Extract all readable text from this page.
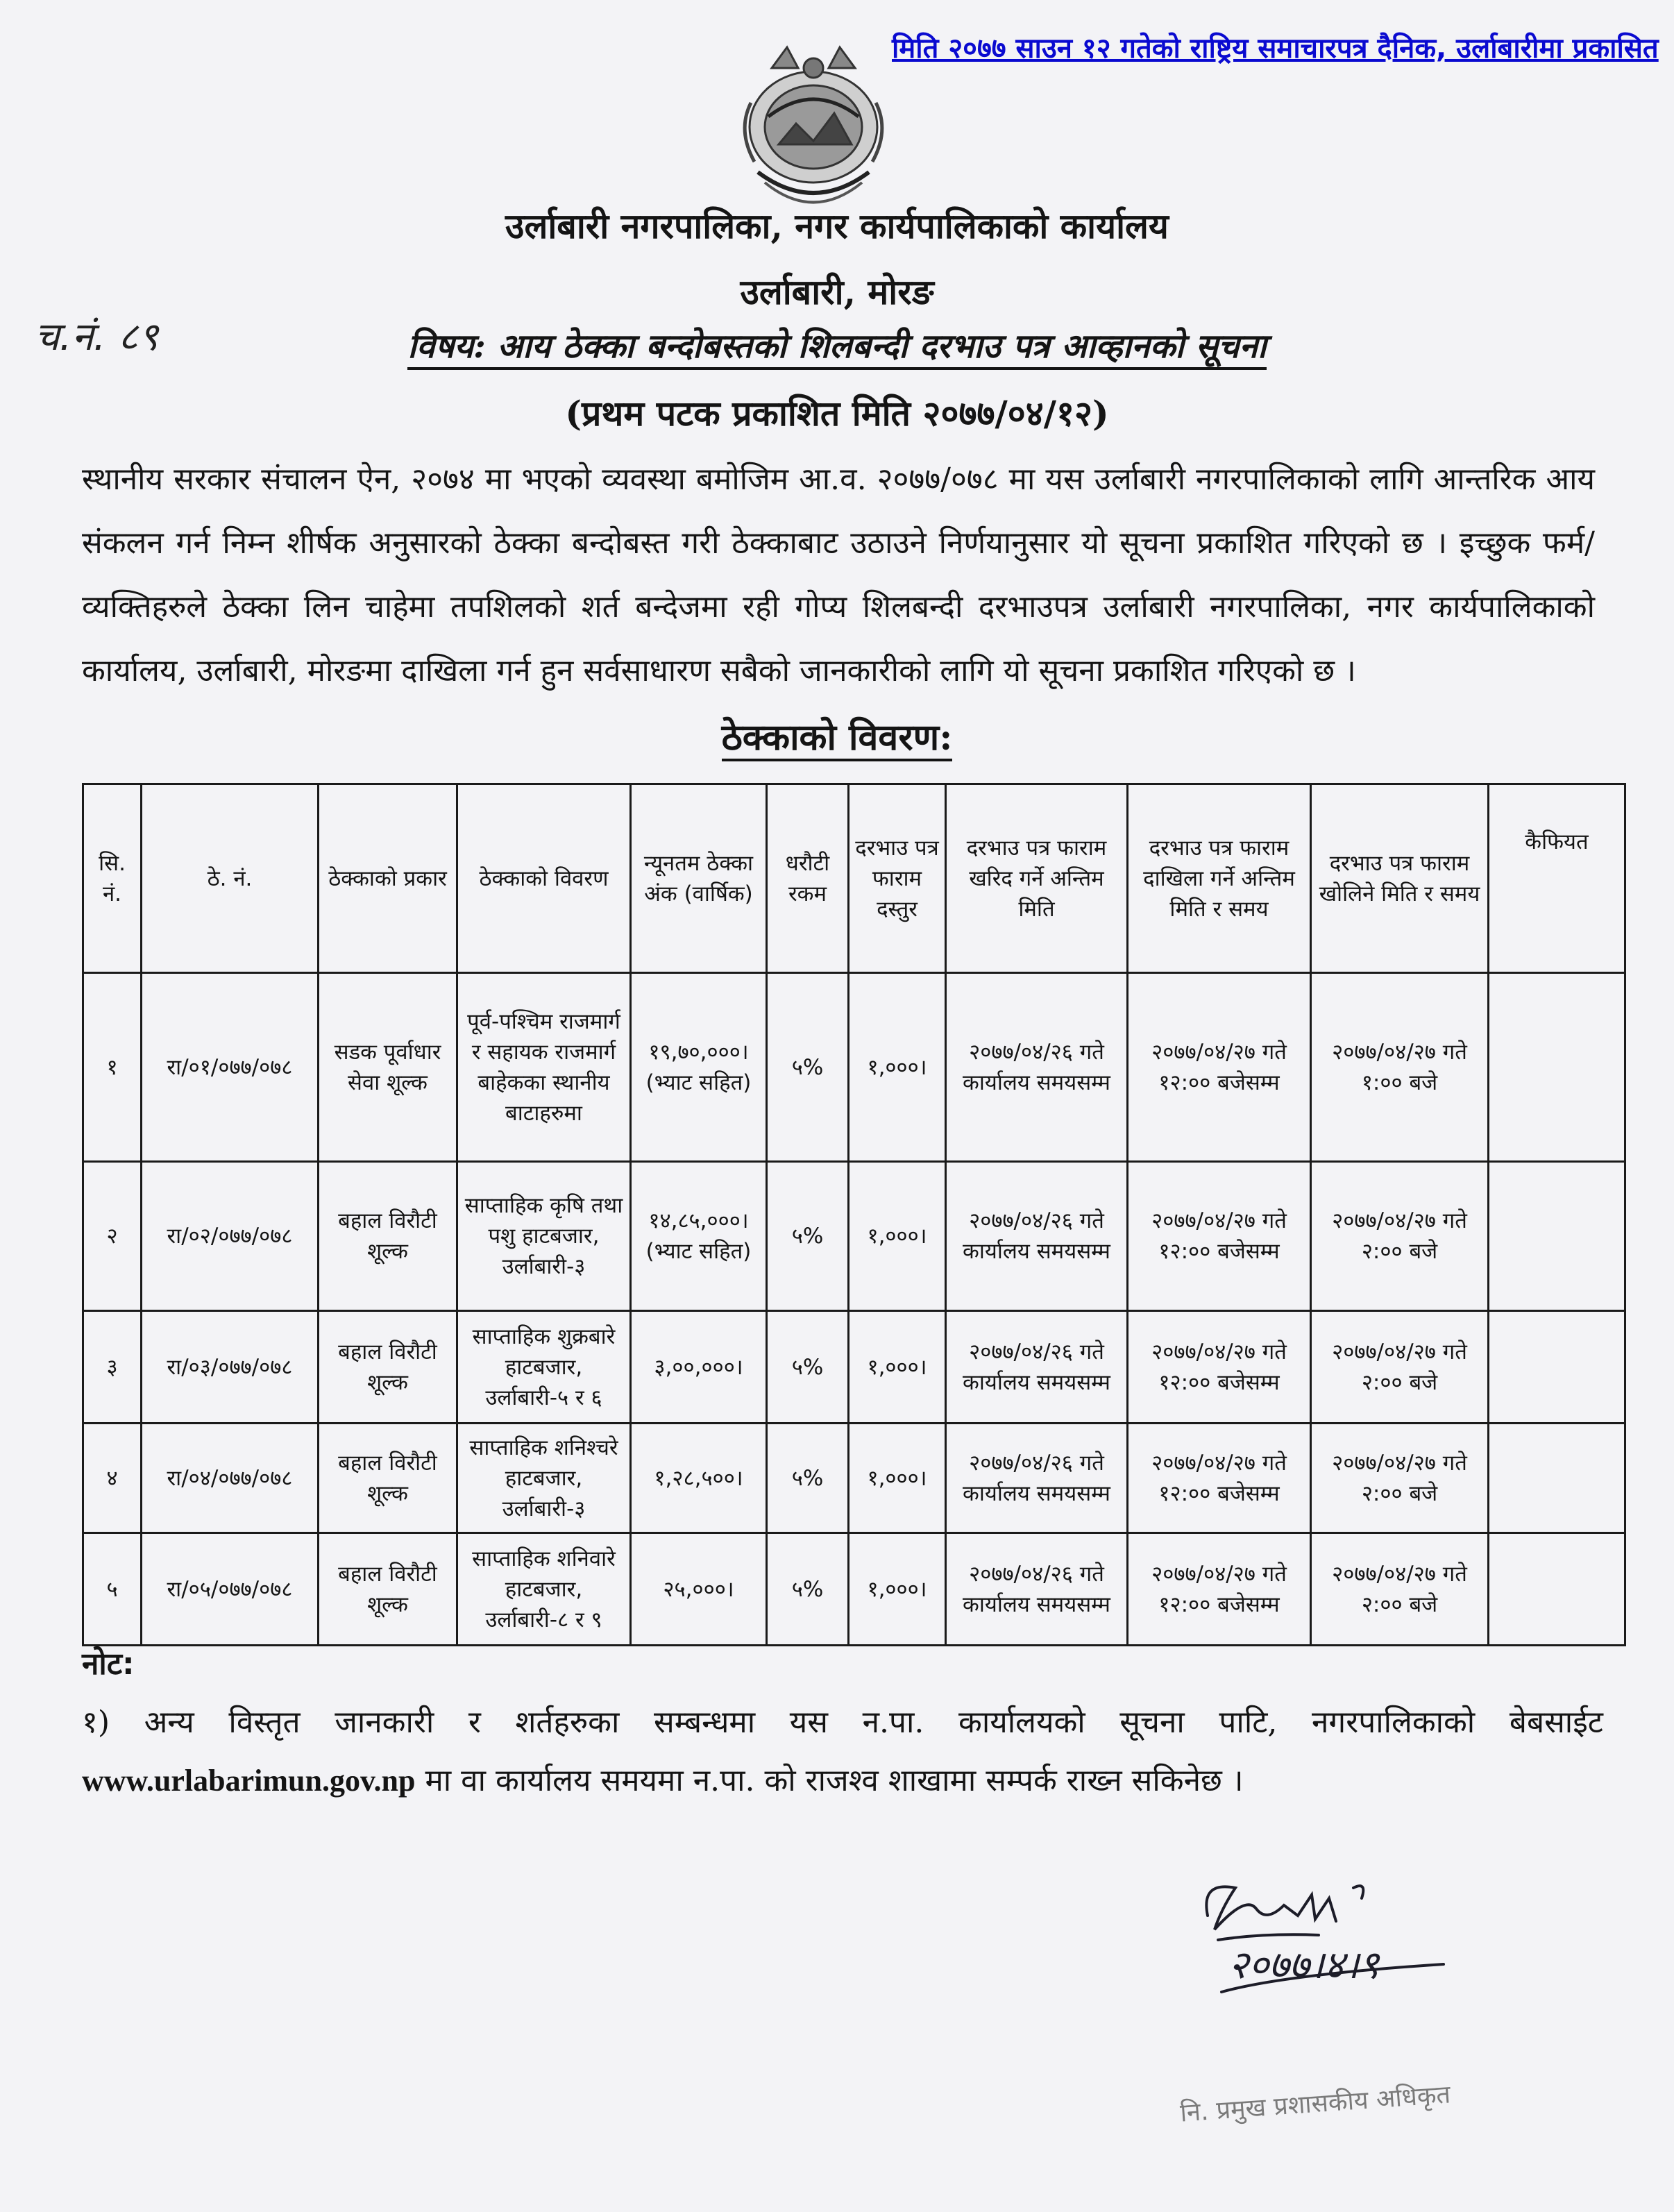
मिति २०७७ साउन १२ गतेको राष्ट्रिय समाचारपत्र दैनिक, उर्लाबारीमा प्रकासित
उर्लाबारी नगरपालिका, नगर कार्यपालिकाको कार्यालय
उर्लाबारी, मोरङ
च.नं. ८९	विषय: आय ठेक्का बन्दोबस्तको शिलबन्दी दरभाउ पत्र आव्हानको सूचना
(प्रथम पटक प्रकाशित मिति २०७७/०४/१२)
स्थानीय सरकार संचालन ऐन, २०७४ मा भएको व्यवस्था बमोजिम आ.व. २०७७/०७८ मा यस उर्लाबारी नगरपालिकाको लागि आन्तरिक आय संकलन गर्न निम्न शीर्षक अनुसारको ठेक्का बन्दोबस्त गरी ठेक्काबाट उठाउने निर्णयानुसार यो सूचना प्रकाशित गरिएको छ । इच्छुक फर्म/व्यक्तिहरुले ठेक्का लिन चाहेमा तपशिलको शर्त बन्देजमा रही गोप्य शिलबन्दी दरभाउपत्र उर्लाबारी नगरपालिका, नगर कार्यपालिकाको कार्यालय, उर्लाबारी, मोरङमा दाखिला गर्न हुन सर्वसाधारण सबैको जानकारीको लागि यो सूचना प्रकाशित गरिएको छ ।
ठेक्काको विवरण:
सि. नं.	ठे. नं.	ठेक्काको प्रकार	ठेक्काको विवरण	न्यूनतम ठेक्का अंक (वार्षिक)	धरौटी रकम	दरभाउ पत्र फाराम दस्तुर	दरभाउ पत्र फाराम खरिद गर्ने अन्तिम मिति	दरभाउ पत्र फाराम दाखिला गर्ने अन्तिम मिति र समय	दरभाउ पत्र फाराम खोलिने मिति र समय	कैफियत
१	रा/०१/०७७/०७८	सडक पूर्वाधार सेवा शूल्क	पूर्व-पश्चिम राजमार्ग र सहायक राजमार्ग बाहेकका स्थानीय बाटाहरुमा	१९,७०,०००। (भ्याट सहित)	५%	१,०००।	२०७७/०४/२६ गते कार्यालय समयसम्म	२०७७/०४/२७ गते १२:०० बजेसम्म	२०७७/०४/२७ गते १:०० बजे	
२	रा/०२/०७७/०७८	बहाल विरौटी शूल्क	साप्ताहिक कृषि तथा पशु हाटबजार, उर्लाबारी-३	१४,८५,०००। (भ्याट सहित)	५%	१,०००।	२०७७/०४/२६ गते कार्यालय समयसम्म	२०७७/०४/२७ गते १२:०० बजेसम्म	२०७७/०४/२७ गते २:०० बजे	
३	रा/०३/०७७/०७८	बहाल विरौटी शूल्क	साप्ताहिक शुक्रबारे हाटबजार, उर्लाबारी-५ र ६	३,००,०००।	५%	१,०००।	२०७७/०४/२६ गते कार्यालय समयसम्म	२०७७/०४/२७ गते १२:०० बजेसम्म	२०७७/०४/२७ गते २:०० बजे	
४	रा/०४/०७७/०७८	बहाल विरौटी शूल्क	साप्ताहिक शनिश्चरे हाटबजार, उर्लाबारी-३	१,२८,५००।	५%	१,०००।	२०७७/०४/२६ गते कार्यालय समयसम्म	२०७७/०४/२७ गते १२:०० बजेसम्म	२०७७/०४/२७ गते २:०० बजे	
५	रा/०५/०७७/०७८	बहाल विरौटी शूल्क	साप्ताहिक शनिवारे हाटबजार, उर्लाबारी-८ र ९	२५,०००।	५%	१,०००।	२०७७/०४/२६ गते कार्यालय समयसम्म	२०७७/०४/२७ गते १२:०० बजेसम्म	२०७७/०४/२७ गते २:०० बजे	
नोट:
१) अन्य विस्तृत जानकारी र शर्तहरुका सम्बन्धमा यस न.पा. कार्यालयको सूचना पाटि, नगरपालिकाको बेबसाईट www.urlabarimun.gov.np मा वा कार्यालय समयमा न.पा. को राजश्व शाखामा सम्पर्क राख्न सकिनेछ ।
२०७७।४।९
नि. प्रमुख प्रशासकीय अधिकृत
